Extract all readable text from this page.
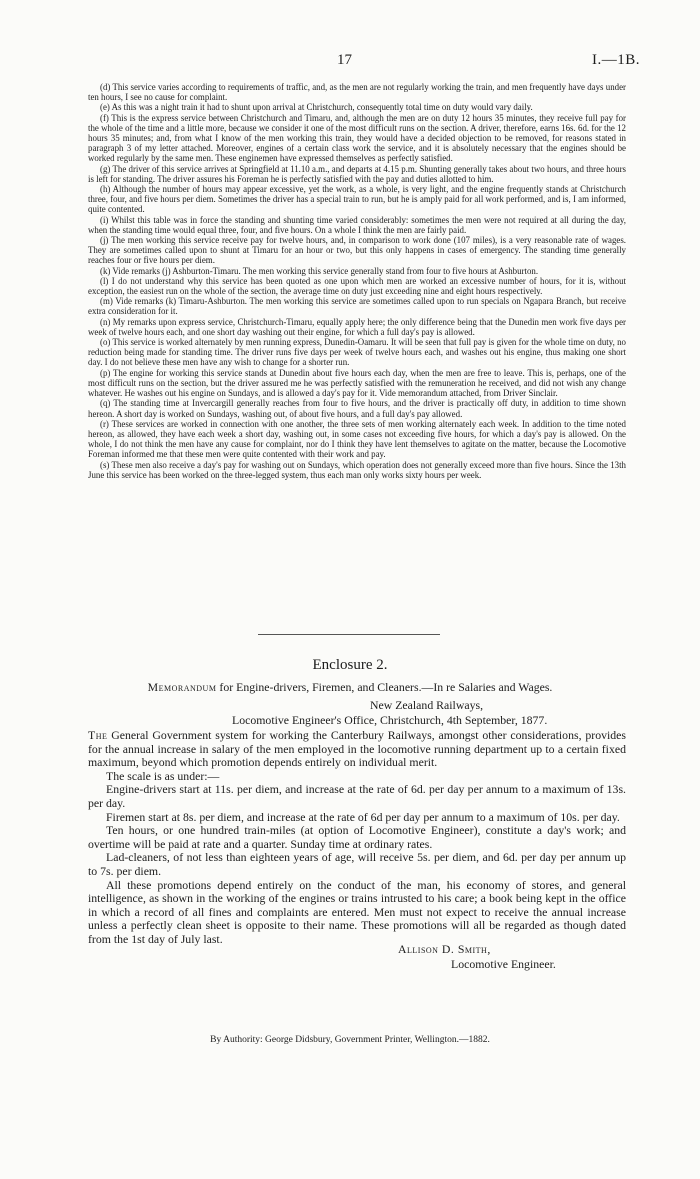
17	I.—1B.

(d) This service varies according to requirements of traffic, and, as the men are not regularly working the train, and men frequently have days under ten hours, I see no cause for complaint.

(e) As this was a night train it had to shunt upon arrival at Christchurch, consequently total time on duty would vary daily.

(f) This is the express service between Christchurch and Timaru, and, although the men are on duty 12 hours 35 minutes, they receive full pay for the whole of the time and a little more, because we consider it one of the most difficult runs on the section. A driver, therefore, earns 16s. 6d. for the 12 hours 35 minutes; and, from what I know of the men working this train, they would have a decided objection to be removed, for reasons stated in paragraph 3 of my letter attached. Moreover, engines of a certain class work the service, and it is absolutely necessary that the engines should be worked regularly by the same men. These enginemen have expressed themselves as perfectly satisfied.

(g) The driver of this service arrives at Springfield at 11.10 a.m., and departs at 4.15 p.m. Shunting generally takes about two hours, and three hours is left for standing. The driver assures his Foreman he is perfectly satisfied with the pay and duties allotted to him.

(h) Although the number of hours may appear excessive, yet the work, as a whole, is very light, and the engine frequently stands at Christchurch three, four, and five hours per diem. Sometimes the driver has a special train to run, but he is amply paid for all work performed, and is, I am informed, quite contented.

(i) Whilst this table was in force the standing and shunting time varied considerably: sometimes the men were not required at all during the day, when the standing time would equal three, four, and five hours. On a whole I think the men are fairly paid.

(j) The men working this service receive pay for twelve hours, and, in comparison to work done (107 miles), is a very reasonable rate of wages. They are sometimes called upon to shunt at Timaru for an hour or two, but this only happens in cases of emergency. The standing time generally reaches four or five hours per diem.

(k) Vide remarks (j) Ashburton-Timaru. The men working this service generally stand from four to five hours at Ashburton.

(l) I do not understand why this service has been quoted as one upon which men are worked an excessive number of hours, for it is, without exception, the easiest run on the whole of the section, the average time on duty just exceeding nine and eight hours respectively.

(m) Vide remarks (k) Timaru-Ashburton. The men working this service are sometimes called upon to run specials on Ngapara Branch, but receive extra consideration for it.

(n) My remarks upon express service, Christchurch-Timaru, equally apply here; the only difference being that the Dunedin men work five days per week of twelve hours each, and one short day washing out their engine, for which a full day's pay is allowed.

(o) This service is worked alternately by men running express, Dunedin-Oamaru. It will be seen that full pay is given for the whole time on duty, no reduction being made for standing time. The driver runs five days per week of twelve hours each, and washes out his engine, thus making one short day. I do not believe these men have any wish to change for a shorter run.

(p) The engine for working this service stands at Dunedin about five hours each day, when the men are free to leave. This is, perhaps, one of the most difficult runs on the section, but the driver assured me he was perfectly satisfied with the remuneration he received, and did not wish any change whatever. He washes out his engine on Sundays, and is allowed a day's pay for it. Vide memorandum attached, from Driver Sinclair.

(q) The standing time at Invercargill generally reaches from four to five hours, and the driver is practically off duty, in addition to time shown hereon. A short day is worked on Sundays, washing out, of about five hours, and a full day's pay allowed.

(r) These services are worked in connection with one another, the three sets of men working alternately each week. In addition to the time noted hereon, as allowed, they have each week a short day, washing out, in some cases not exceeding five hours, for which a day's pay is allowed. On the whole, I do not think the men have any cause for complaint, nor do I think they have lent themselves to agitate on the matter, because the Locomotive Foreman informed me that these men were quite contented with their work and pay.

(s) These men also receive a day's pay for washing out on Sundays, which operation does not generally exceed more than five hours. Since the 13th June this service has been worked on the three-legged system, thus each man only works sixty hours per week.

Enclosure 2.
Memorandum for Engine-drivers, Firemen, and Cleaners.—In re Salaries and Wages.
New Zealand Railways,
Locomotive Engineer's Office, Christchurch, 4th September, 1877.

The General Government system for working the Canterbury Railways, amongst other considerations, provides for the annual increase in salary of the men employed in the locomotive running department up to a certain fixed maximum, beyond which promotion depends entirely on individual merit.

The scale is as under:—

Engine-drivers start at 11s. per diem, and increase at the rate of 6d. per day per annum to a maximum of 13s. per day.

Firemen start at 8s. per diem, and increase at the rate of 6d per day per annum to a maximum of 10s. per day.

Ten hours, or one hundred train-miles (at option of Locomotive Engineer), constitute a day's work; and overtime will be paid at rate and a quarter. Sunday time at ordinary rates.

Lad-cleaners, of not less than eighteen years of age, will receive 5s. per diem, and 6d. per day per annum up to 7s. per diem.

All these promotions depend entirely on the conduct of the man, his economy of stores, and general intelligence, as shown in the working of the engines or trains intrusted to his care; a book being kept in the office in which a record of all fines and complaints are entered. Men must not expect to receive the annual increase unless a perfectly clean sheet is opposite to their name. These promotions will all be regarded as though dated from the 1st day of July last.

Allison D. Smith,
Locomotive Engineer.
By Authority: George Didsbury, Government Printer, Wellington.—1882.
